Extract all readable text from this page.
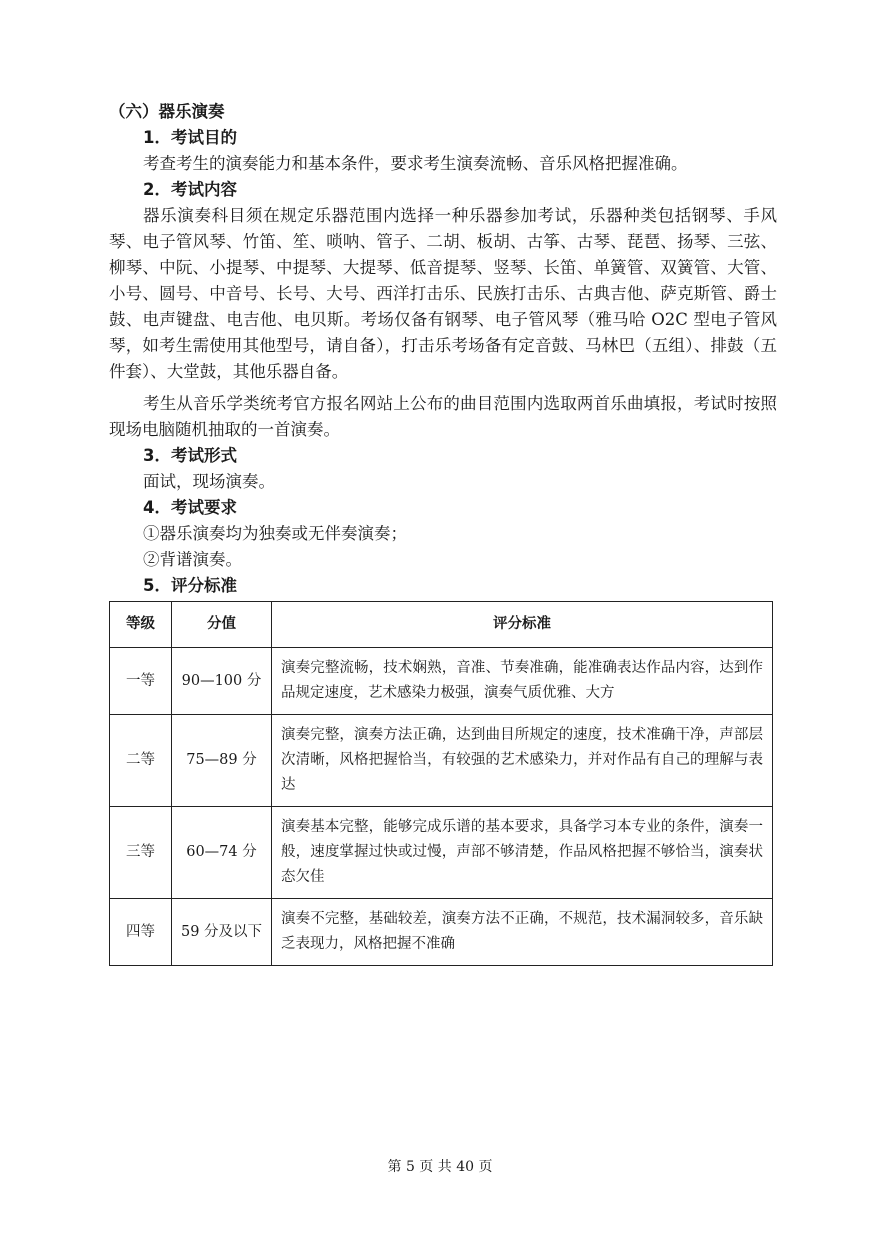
（六）器乐演奏
1．考试目的
考查考生的演奏能力和基本条件，要求考生演奏流畅、音乐风格把握准确。
2．考试内容
器乐演奏科目须在规定乐器范围内选择一种乐器参加考试，乐器种类包括钢琴、手风琴、电子管风琴、竹笛、笙、唢呐、管子、二胡、板胡、古筝、古琴、琵琶、扬琴、三弦、柳琴、中阮、小提琴、中提琴、大提琴、低音提琴、竖琴、长笛、单簧管、双簧管、大管、小号、圆号、中音号、长号、大号、西洋打击乐、民族打击乐、古典吉他、萨克斯管、爵士鼓、电声键盘、电吉他、电贝斯。考场仅备有钢琴、电子管风琴（雅马哈 O2C 型电子管风琴，如考生需使用其他型号，请自备），打击乐考场备有定音鼓、马林巴（五组）、排鼓（五件套）、大堂鼓，其他乐器自备。
考生从音乐学类统考官方报名网站上公布的曲目范围内选取两首乐曲填报，考试时按照现场电脑随机抽取的一首演奏。
3．考试形式
面试，现场演奏。
4．考试要求
①器乐演奏均为独奏或无伴奏演奏；
②背谱演奏。
5．评分标准
等级	分值	评分标准
一等	90—100 分	演奏完整流畅，技术娴熟，音准、节奏准确，能准确表达作品内容，达到作品规定速度，艺术感染力极强，演奏气质优雅、大方
二等	75—89 分	演奏完整，演奏方法正确，达到曲目所规定的速度，技术准确干净，声部层次清晰，风格把握恰当，有较强的艺术感染力，并对作品有自己的理解与表达
三等	60—74 分	演奏基本完整，能够完成乐谱的基本要求，具备学习本专业的条件，演奏一般，速度掌握过快或过慢，声部不够清楚，作品风格把握不够恰当，演奏状态欠佳
四等	59 分及以下	演奏不完整，基础较差，演奏方法不正确，不规范，技术漏洞较多，音乐缺乏表现力，风格把握不准确
第 5 页 共 40 页
